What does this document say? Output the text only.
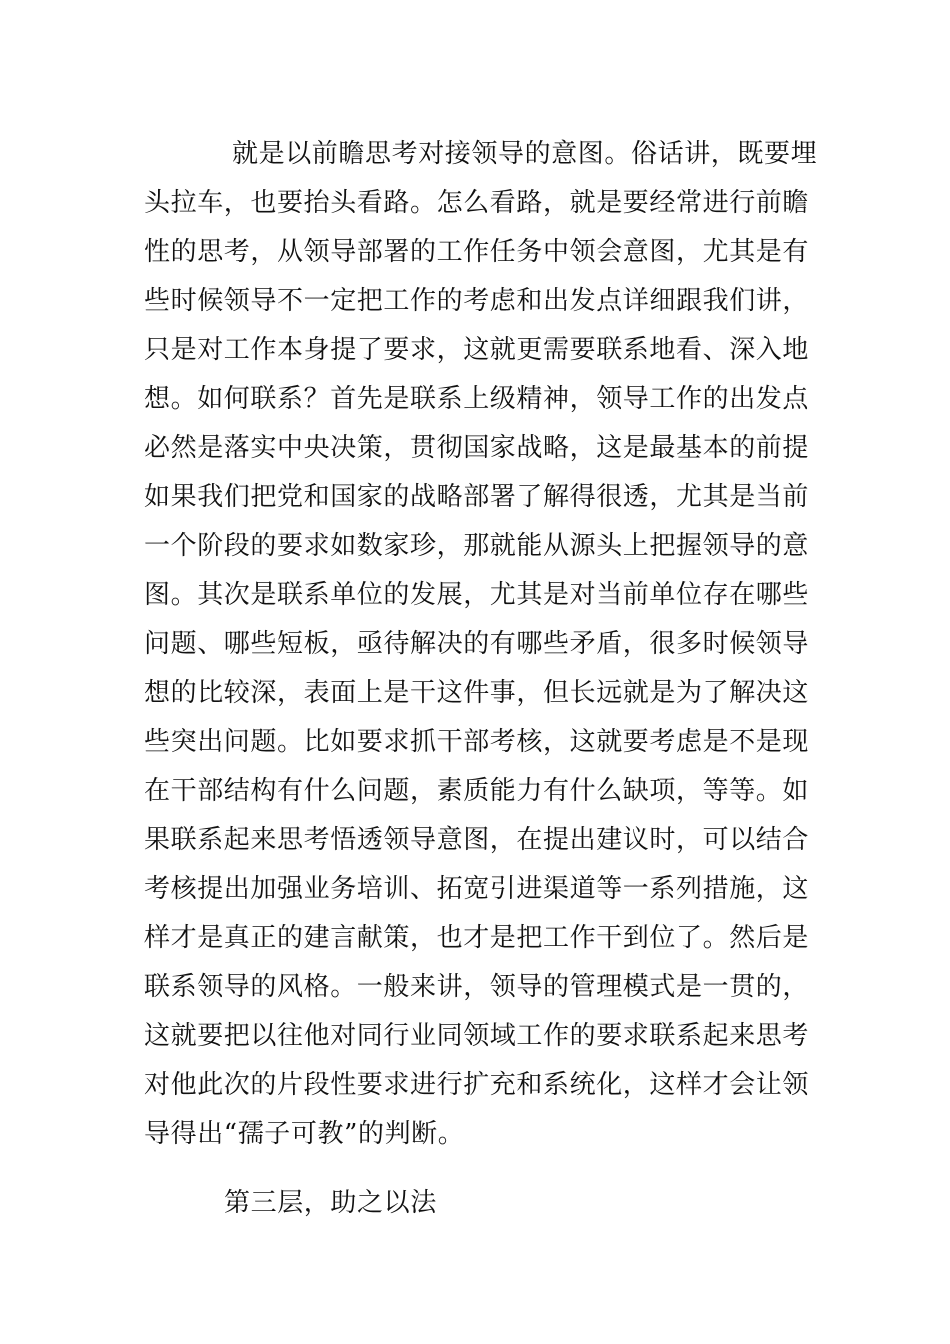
就是以前瞻思考对接领导的意图。俗话讲，既要埋
头拉车，也要抬头看路。怎么看路，就是要经常进行前瞻
性的思考，从领导部署的工作任务中领会意图，尤其是有
些时候领导不一定把工作的考虑和出发点详细跟我们讲，
只是对工作本身提了要求，这就更需要联系地看、深入地
想。如何联系？首先是联系上级精神，领导工作的出发点
必然是落实中央决策，贯彻国家战略，这是最基本的前提
如果我们把党和国家的战略部署了解得很透，尤其是当前
一个阶段的要求如数家珍，那就能从源头上把握领导的意
图。其次是联系单位的发展，尤其是对当前单位存在哪些
问题、哪些短板，亟待解决的有哪些矛盾，很多时候领导
想的比较深，表面上是干这件事，但长远就是为了解决这
些突出问题。比如要求抓干部考核，这就要考虑是不是现
在干部结构有什么问题，素质能力有什么缺项，等等。如
果联系起来思考悟透领导意图，在提出建议时，可以结合
考核提出加强业务培训、拓宽引进渠道等一系列措施，这
样才是真正的建言献策，也才是把工作干到位了。然后是
联系领导的风格。一般来讲，领导的管理模式是一贯的，
这就要把以往他对同行业同领域工作的要求联系起来思考
对他此次的片段性要求进行扩充和系统化，这样才会让领
导得出“孺子可教”的判断。
第三层，助之以法
